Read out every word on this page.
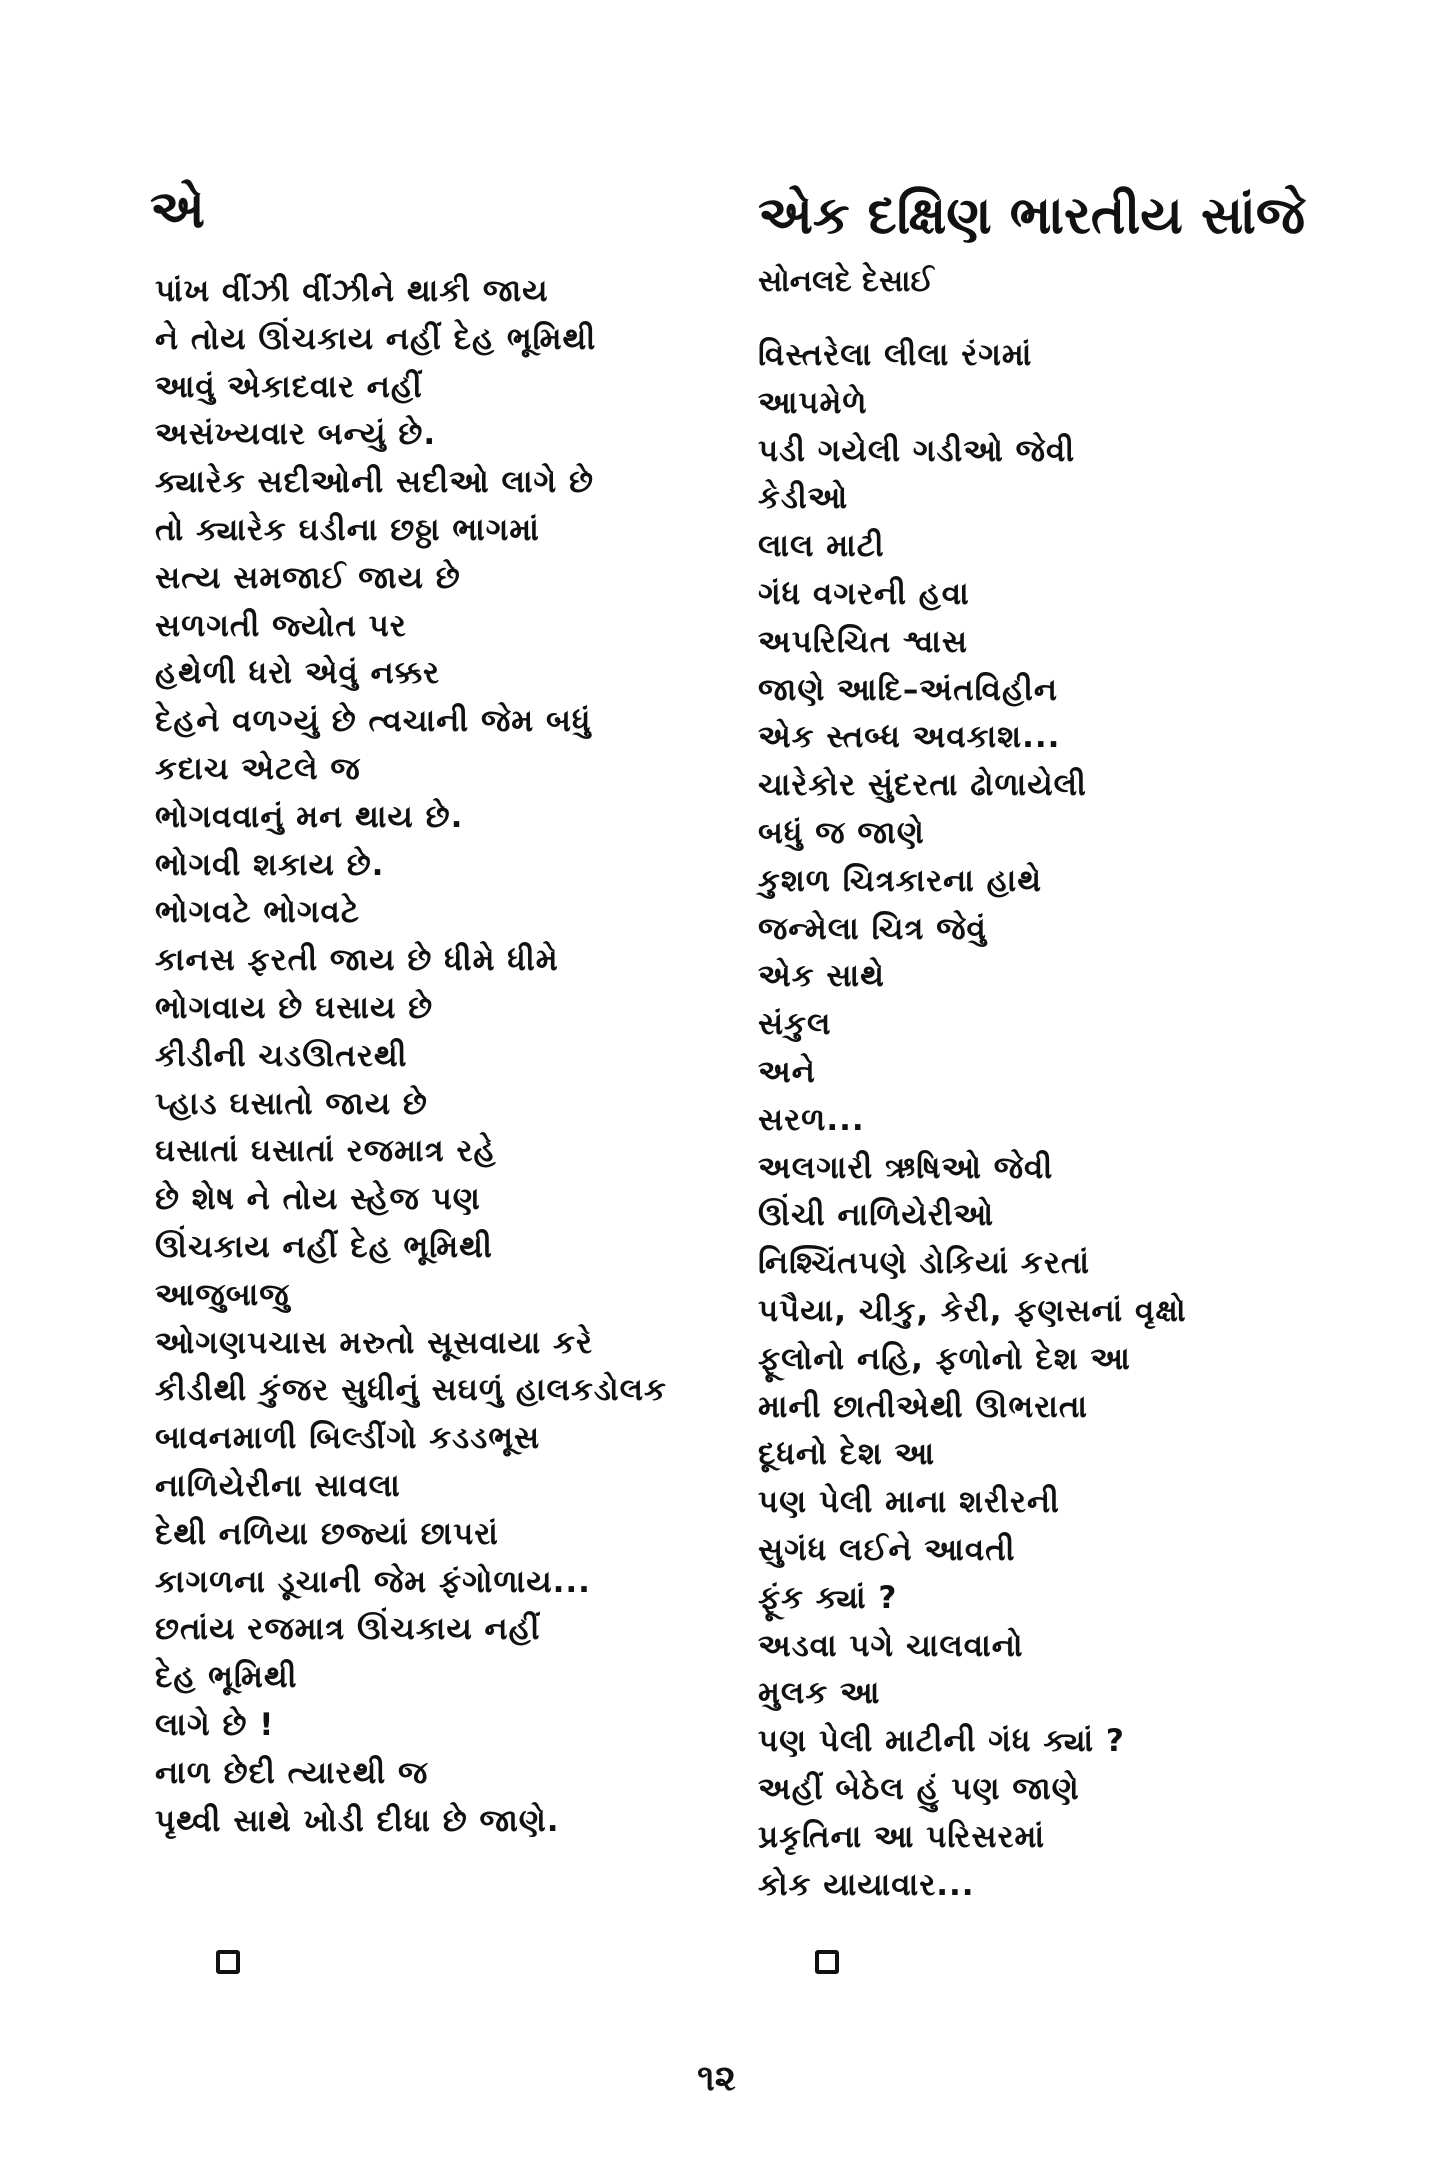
એ
પાંખ વીંઝી વીંઝીને થાકી જાય
ને તોય ઊંચકાય નહીં દેહ ભૂમિથી
આવું એકાદવાર નહીં
અસંખ્યવાર બન્યું છે.
ક્યારેક સદીઓની સદીઓ લાગે છે
તો ક્યારેક ઘડીના છઠ્ઠા ભાગમાં
સત્ય સમજાઈ જાય છે
સળગતી જ્યોત પર
હથેળી ધરો એવું નક્કર
દેહને વળગ્યું છે ત્વચાની જેમ બધું
કદાચ એટલે જ
ભોગવવાનું મન થાય છે.
ભોગવી શકાય છે.
ભોગવટે ભોગવટે
કાનસ ફરતી જાય છે ધીમે ધીમે
ભોગવાય છે ઘસાય છે
કીડીની ચડઊતરથી
પ્હાડ ઘસાતો જાય છે
ઘસાતાં ઘસાતાં રજમાત્ર રહે
છે શેષ ને તોય સ્હેજ પણ
ઊંચકાય નહીં દેહ ભૂમિથી
આજુબાજુ
ઓગણપચાસ મરુતો સૂસવાયા કરે
કીડીથી કુંજર સુધીનું સઘળું હાલકડોલક
બાવનમાળી બિલ્ડીંગો કડડભૂસ
નાળિયેરીના સાવલા
દેથી નળિયા છજ્યાં છાપરાં
કાગળના ડૂચાની જેમ ફંગોળાય...
છતાંય રજમાત્ર ઊંચકાય નહીં
દેહ ભૂમિથી
લાગે છે !
નાળ છેદી ત્યારથી જ
પૃથ્વી સાથે ખોડી દીધા છે જાણે.
એક દક્ષિણ ભારતીય સાંજે
સોનલદે દેસાઈ
વિસ્તરેલા લીલા રંગમાં
આપમેળે
પડી ગયેલી ગડીઓ જેવી
કેડીઓ
લાલ માટી
ગંધ વગરની હવા
અપરિચિત શ્વાસ
જાણે આદિ–અંતવિહીન
એક સ્તબ્ધ અવકાશ...
ચારેકોર સુંદરતા ઢોળાયેલી
બધું જ જાણે
કુશળ ચિત્રકારના હાથે
જન્મેલા ચિત્ર જેવું
એક સાથે
સંકુલ
અને
સરળ...
અલગારી ઋષિઓ જેવી
ઊંચી નાળિયેરીઓ
નિશ્ચિંતપણે ડોકિયાં કરતાં
પપૈયા, ચીકુ, કેરી, ફણસનાં વૃક્ષો
ફૂલોનો નહિ, ફળોનો દેશ આ
માની છાતીએથી ઊભરાતા
દૂધનો દેશ આ
પણ પેલી માના શરીરની
સુગંધ લઈને આવતી
ફૂંક ક્યાં ?
અડવા પગે ચાલવાનો
મુલક આ
પણ પેલી માટીની ગંધ ક્યાં ?
અહીં બેઠેલ હું પણ જાણે
પ્રકૃતિના આ પરિસરમાં
કોક યાયાવાર...
૧૨
